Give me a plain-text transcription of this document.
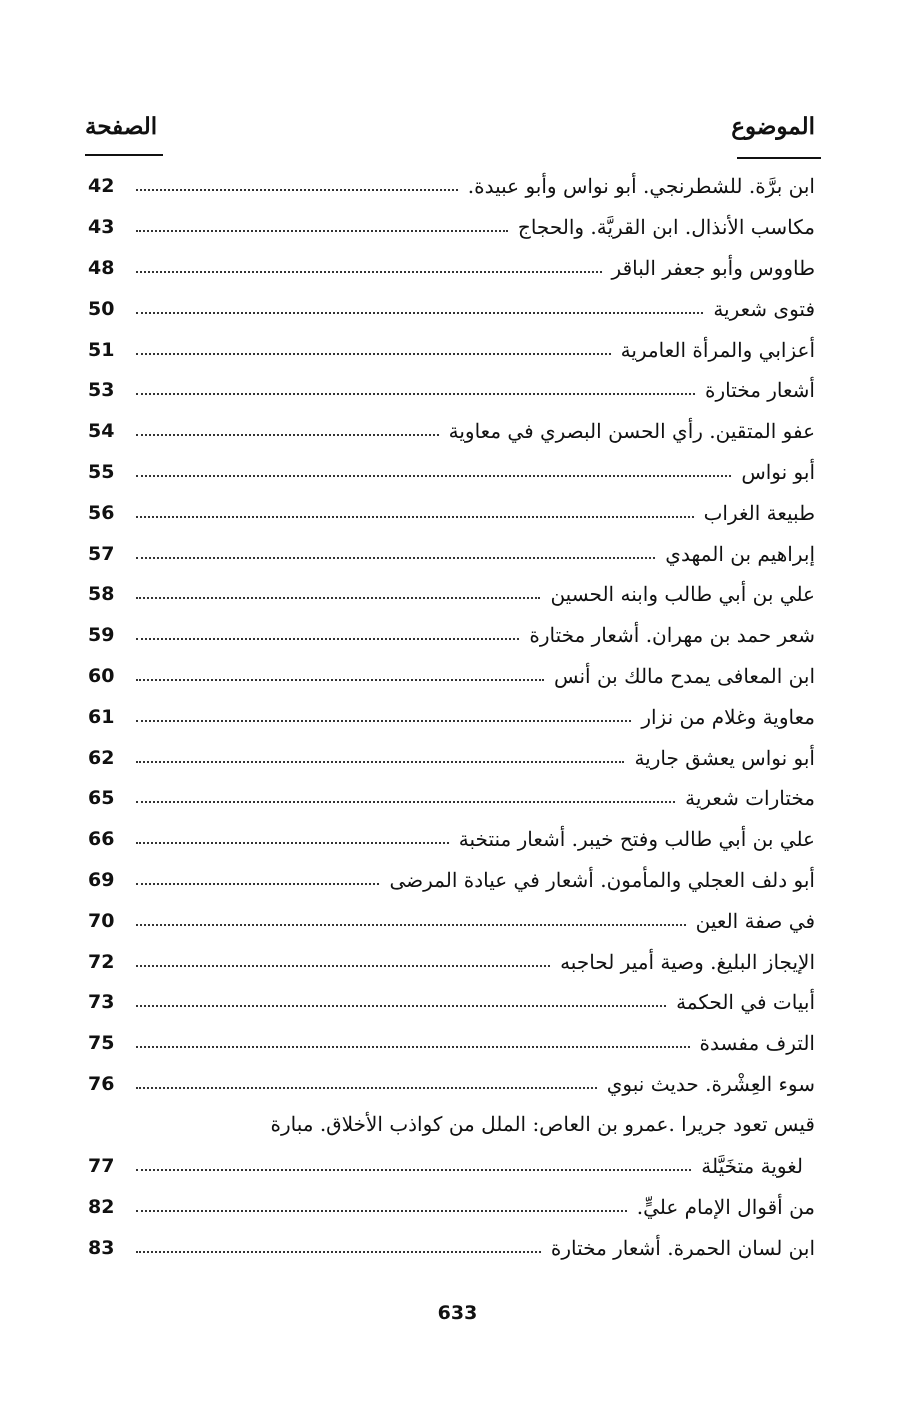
الموضوع
الصفحة
ابن برَّة. للشطرنجي. أبو نواس وأبو عبيدة.
42
مكاسب الأنذال. ابن القريَّة. والحجاج
43
طاووس وأبو جعفر الباقر
48
فتوى شعرية
50
أعزابي والمرأة العامرية
51
أشعار مختارة
53
عفو المتقين. رأي الحسن البصري في معاوية
54
أبو نواس
55
طبيعة الغراب
56
إبراهيم بن المهدي
57
علي بن أبي طالب وابنه الحسين
58
شعر حمد بن مهران. أشعار مختارة
59
ابن المعافى يمدح مالك بن أنس
60
معاوية وغلام من نزار
61
أبو نواس يعشق جارية
62
مختارات شعرية
65
علي بن أبي طالب وفتح خيبر. أشعار منتخبة
66
أبو دلف العجلي والمأمون. أشعار في عيادة المرضى
69
في صفة العين
70
الإيجاز البليغ. وصية أمير لحاجبه
72
أبيات في الحكمة
73
الترف مفسدة
75
سوء العِشْرة. حديث نبوي
76
قيس تعود جريرا .عمرو بن العاص: الملل من كواذب الأخلاق. مبارة
لغوية متخَيَّلة
77
من أقوال الإمام عليٍّ.
82
ابن لسان الحمرة. أشعار مختارة
83
633
